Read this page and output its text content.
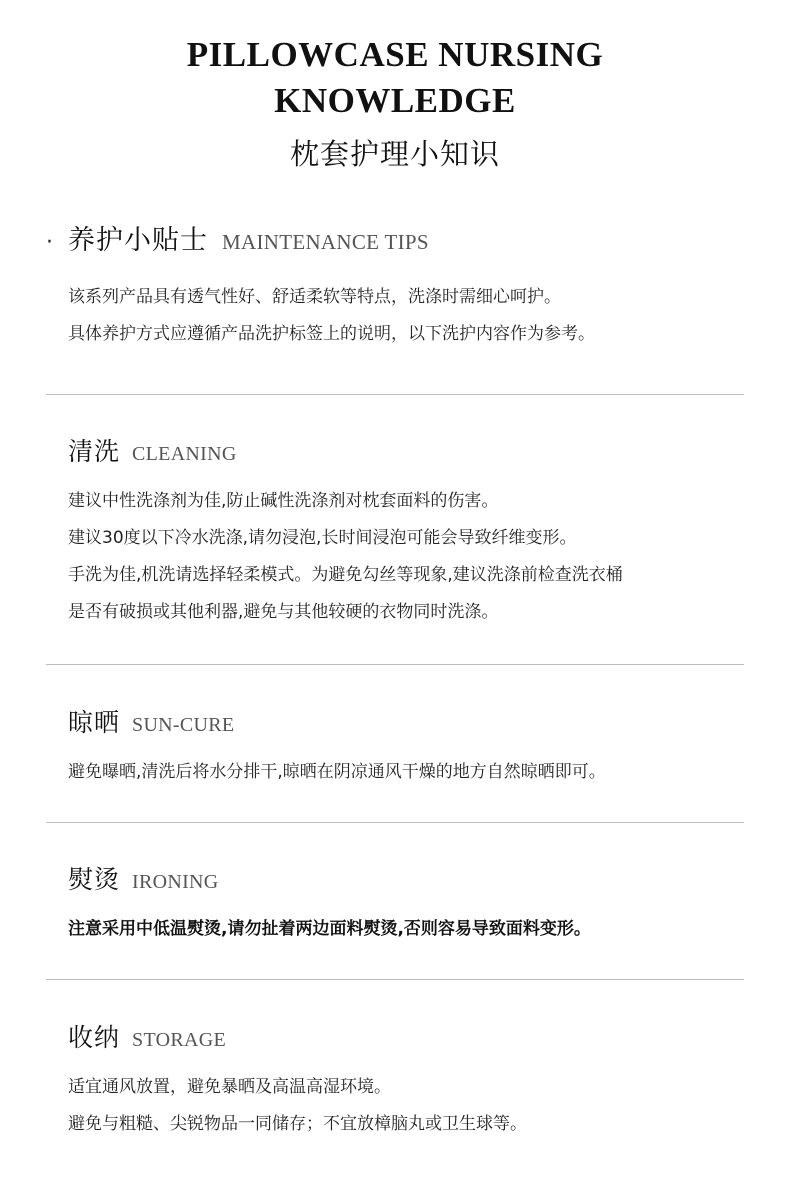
PILLOWCASE NURSING
KNOWLEDGE
枕套护理小知识
· 养护小贴士 MAINTENANCE TIPS

该系列产品具有透气性好、舒适柔软等特点，洗涤时需细心呵护。

具体养护方式应遵循产品洗护标签上的说明，以下洗护内容作为参考。

清洗 CLEANING

建议中性洗涤剂为佳,防止碱性洗涤剂对枕套面料的伤害。

建议30度以下冷水洗涤,请勿浸泡,长时间浸泡可能会导致纤维变形。

手洗为佳,机洗请选择轻柔模式。为避免勾丝等现象,建议洗涤前检查洗衣桶

是否有破损或其他利器,避免与其他较硬的衣物同时洗涤。

晾晒 SUN-CURE

避免曝晒,清洗后将水分排干,晾晒在阴凉通风干燥的地方自然晾晒即可。

熨烫 IRONING

注意采用中低温熨烫,请勿扯着两边面料熨烫,否则容易导致面料变形。

收纳 STORAGE

适宜通风放置，避免暴晒及高温高湿环境。

避免与粗糙、尖锐物品一同储存；不宜放樟脑丸或卫生球等。
